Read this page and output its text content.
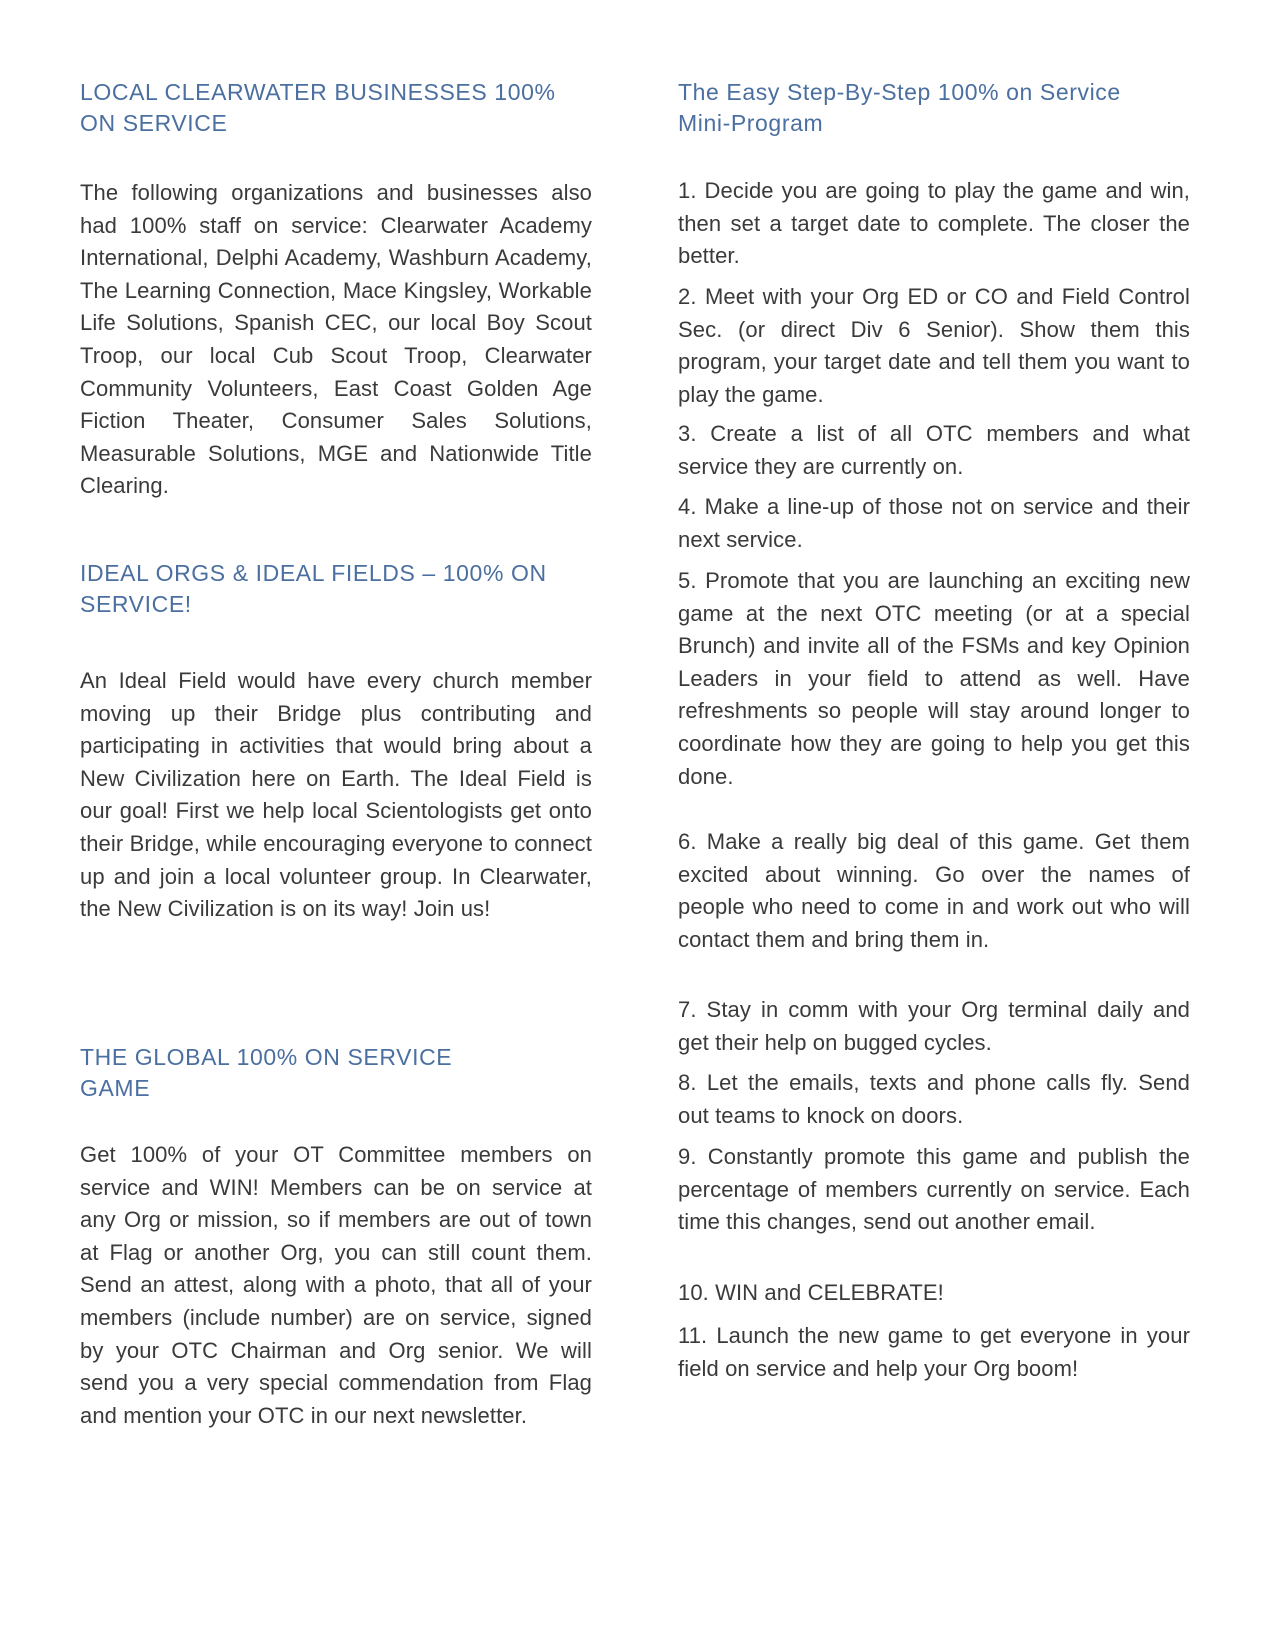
LOCAL CLEARWATER BUSINESSES 100% ON SERVICE

The following organizations and businesses also had 100% staff on service: Clearwater Academy International, Delphi Academy, Washburn Academy, The Learning Connection, Mace Kingsley, Workable Life Solutions, Spanish CEC, our local Boy Scout Troop, our local Cub Scout Troop, Clearwater Community Volunteers, East Coast Golden Age Fiction Theater, Consumer Sales Solutions, Measurable Solutions, MGE and Nationwide Title Clearing.

IDEAL ORGS & IDEAL FIELDS – 100% ON SERVICE!

An Ideal Field would have every church member moving up their Bridge plus contributing and participating in activities that would bring about a New Civilization here on Earth. The Ideal Field is our goal! First we help local Scientologists get onto their Bridge, while encouraging everyone to connect up and join a local volunteer group. In Clearwater, the New Civilization is on its way! Join us!

THE GLOBAL 100% ON SERVICE GAME

Get 100% of your OT Committee members on service and WIN! Members can be on service at any Org or mission, so if members are out of town at Flag or another Org, you can still count them. Send an attest, along with a photo, that all of your members (include number) are on service, signed by your OTC Chairman and Org senior. We will send you a very special commendation from Flag and mention your OTC in our next newsletter.

The Easy Step-By-Step 100% on Service Mini-Program

1. Decide you are going to play the game and win, then set a target date to complete. The closer the better.

2. Meet with your Org ED or CO and Field Control Sec. (or direct Div 6 Senior). Show them this program, your target date and tell them you want to play the game.

3. Create a list of all OTC members and what service they are currently on.

4. Make a line-up of those not on service and their next service.

5. Promote that you are launching an exciting new game at the next OTC meeting (or at a special Brunch) and invite all of the FSMs and key Opinion Leaders in your field to attend as well. Have refreshments so people will stay around longer to coordinate how they are going to help you get this done.

6. Make a really big deal of this game. Get them excited about winning. Go over the names of people who need to come in and work out who will contact them and bring them in.

7. Stay in comm with your Org terminal daily and get their help on bugged cycles.

8. Let the emails, texts and phone calls fly. Send out teams to knock on doors.

9. Constantly promote this game and publish the percentage of members currently on service. Each time this changes, send out another email.

10. WIN and CELEBRATE!

11. Launch the new game to get everyone in your field on service and help your Org boom!
